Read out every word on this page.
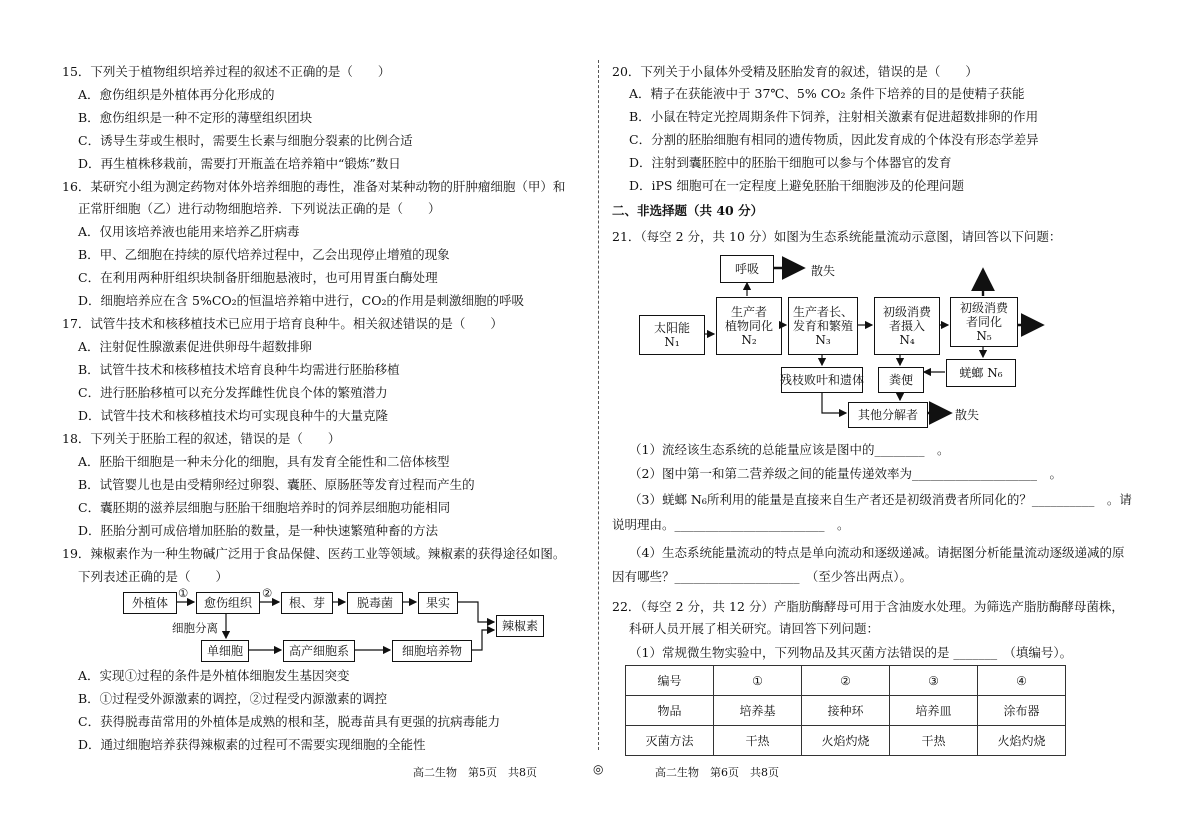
15．下列关于植物组织培养过程的叙述不正确的是（　　）
A．愈伤组织是外植体再分化形成的
B．愈伤组织是一种不定形的薄壁组织团块
C．诱导生芽或生根时，需要生长素与细胞分裂素的比例合适
D．再生植株移栽前，需要打开瓶盖在培养箱中“锻炼”数日
16．某研究小组为测定药物对体外培养细胞的毒性，准备对某种动物的肝肿瘤细胞（甲）和
正常肝细胞（乙）进行动物细胞培养．下列说法正确的是（　　）
A．仅用该培养液也能用来培养乙肝病毒
B．甲、乙细胞在持续的原代培养过程中，乙会出现停止增殖的现象
C．在利用两种肝组织块制备肝细胞悬液时，也可用胃蛋白酶处理
D．细胞培养应在含 5%CO₂的恒温培养箱中进行，CO₂的作用是刺激细胞的呼吸
17．试管牛技术和核移植技术已应用于培育良种牛。相关叙述错误的是（　　）
A．注射促性腺激素促进供卵母牛超数排卵
B．试管牛技术和核移植技术培育良种牛均需进行胚胎移植
C．进行胚胎移植可以充分发挥雌性优良个体的繁殖潜力
D．试管牛技术和核移植技术均可实现良种牛的大量克隆
18．下列关于胚胎工程的叙述，错误的是（　　）
A．胚胎干细胞是一种未分化的细胞，具有发育全能性和二倍体核型
B．试管婴儿也是由受精卵经过卵裂、囊胚、原肠胚等发育过程而产生的
C．囊胚期的滋养层细胞与胚胎干细胞培养时的饲养层细胞功能相同
D．胚胎分割可成倍增加胚胎的数量，是一种快速繁殖种畜的方法
19．辣椒素作为一种生物碱广泛用于食品保健、医药工业等领域。辣椒素的获得途径如图。
下列表述正确的是（　　）
外植体	愈伤组织	根、芽	脱毒菌	果实
辣椒素
单细胞	高产细胞系	细胞培养物
①	②
细胞分离
A．实现①过程的条件是外植体细胞发生基因突变
B．①过程受外源激素的调控，②过程受内源激素的调控
C．获得脱毒苗常用的外植体是成熟的根和茎，脱毒苗具有更强的抗病毒能力
D．通过细胞培养获得辣椒素的过程可不需要实现细胞的全能性
高二生物　第5页　共8页	◎
20．下列关于小鼠体外受精及胚胎发育的叙述，错误的是（　　）
A．精子在获能液中于 37℃、5% CO₂ 条件下培养的目的是使精子获能
B．小鼠在特定光控周期条件下饲养，注射相关激素有促进超数排卵的作用
C．分割的胚胎细胞有相同的遗传物质，因此发育成的个体没有形态学差异
D．注射到囊胚腔中的胚胎干细胞可以参与个体器官的发育
D．iPS 细胞可在一定程度上避免胚胎干细胞涉及的伦理问题
二、非选择题（共 40 分）
21．（每空 2 分，共 10 分）如图为生态系统能量流动示意图，请回答以下问题：
呼吸	散失
太阳能
N₁
生产者
植物同化
N₂
生产者长、
发育和繁殖
N₃
初级消费
者摄入
N₄
初级消费
者同化
N₅
残枝败叶和遗体	粪便	蜣螂 N₆
其他分解者	散失
（1）流经该生态系统的总能量应该是图中的________　。
（2）图中第一和第二营养级之间的能量传递效率为____________________　。
（3）蜣螂 N₆所利用的能量是直接来自生产者还是初级消费者所同化的？__________　。请
说明理由。________________________　。
（4）生态系统能量流动的特点是单向流动和逐级递减。请据图分析能量流动逐级递减的原
因有哪些？____________________　（至少答出两点）。
22．（每空 2 分，共 12 分）产脂肪酶酵母可用于含油废水处理。为筛选产脂肪酶酵母菌株，
科研人员开展了相关研究。请回答下列问题：
（1）常规微生物实验中，下列物品及其灭菌方法错误的是 _______　（填编号）。
编号	①	②	③	④
物品	培养基	接种环	培养皿	涂布器
灭菌方法	干热	火焰灼烧	干热	火焰灼烧
高二生物　第6页　共8页
